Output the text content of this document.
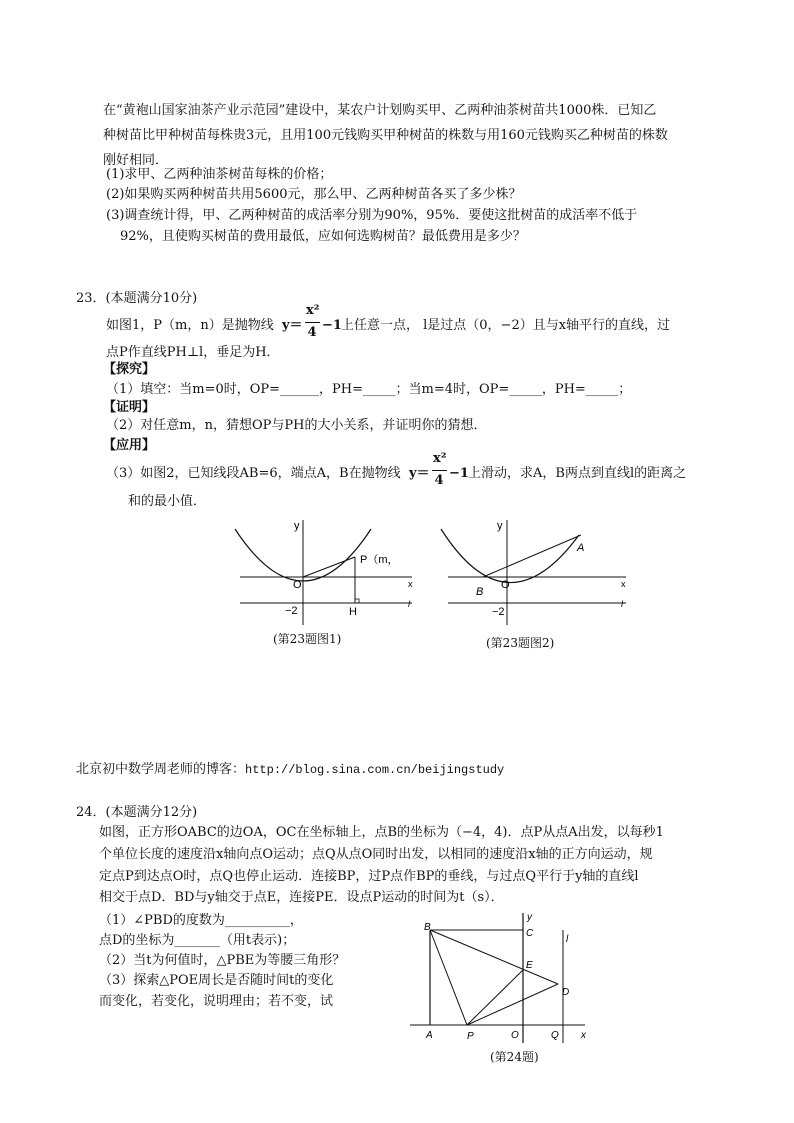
在“黄袍山国家油茶产业示范园”建设中，某农户计划购买甲、乙两种油茶树苗共1000株．已知乙
种树苗比甲种树苗每株贵3元，且用100元钱购买甲种树苗的株数与用160元钱购买乙种树苗的株数
刚好相同．
(1)求甲、乙两种油茶树苗每株的价格；
(2)如果购买两种树苗共用5600元，那么甲、乙两种树苗各买了多少株？
(3)调查统计得，甲、乙两种树苗的成活率分别为90%，95%．要使这批树苗的成活率不低于
92%，且使购买树苗的费用最低，应如何选购树苗？最低费用是多少？
23．(本题满分10分)
如图1，P（m，n）是抛物线 y＝
x²
4 −1 上任意一点， l是过点（0，−2）且与x轴平行的直线，过
点P作直线PH⊥l，垂足为H．
【探究】
（1）填空：当m=0时，OP=______，PH=_____；当m=4时，OP=_____，PH=_____；
【证明】
（2）对任意m，n，猜想OP与PH的大小关系，并证明你的猜想．
【应用】
（3）如图2，已知线段AB=6，端点A，B在抛物线 y＝
x²
4 −1 上滑动，求A，B两点到直线l的距离之
和的最小值．
y
O
P（m，
−2	H
x
l
(第23题图1)
y
O
A
B
−2
x
l
(第23题图2)
北京初中数学周老师的博客：http://blog.sina.com.cn/beijingstudy
24．(本题满分12分)
如图，正方形OABC的边OA，OC在坐标轴上，点B的坐标为（−4，4)．点P从点A出发，以每秒1
个单位长度的速度沿x轴向点O运动；点Q从点O同时出发，以相同的速度沿x轴的正方向运动，规
定点P到达点O时，点Q也停止运动．连接BP，过P点作BP的垂线，与过点Q平行于y轴的直线l
相交于点D．BD与y轴交于点E，连接PE．设点P运动的时间为t（s）．
（1）∠PBD的度数为__________，
点D的坐标为_______（用t表示)；
（2）当t为何值时，△PBE为等腰三角形？
（3）探索△POE周长是否随时间t的变化
而变化，若变化，说明理由；若不变，试
B
C
y
l
E
D
A	P	O	Q x
(第24题)
